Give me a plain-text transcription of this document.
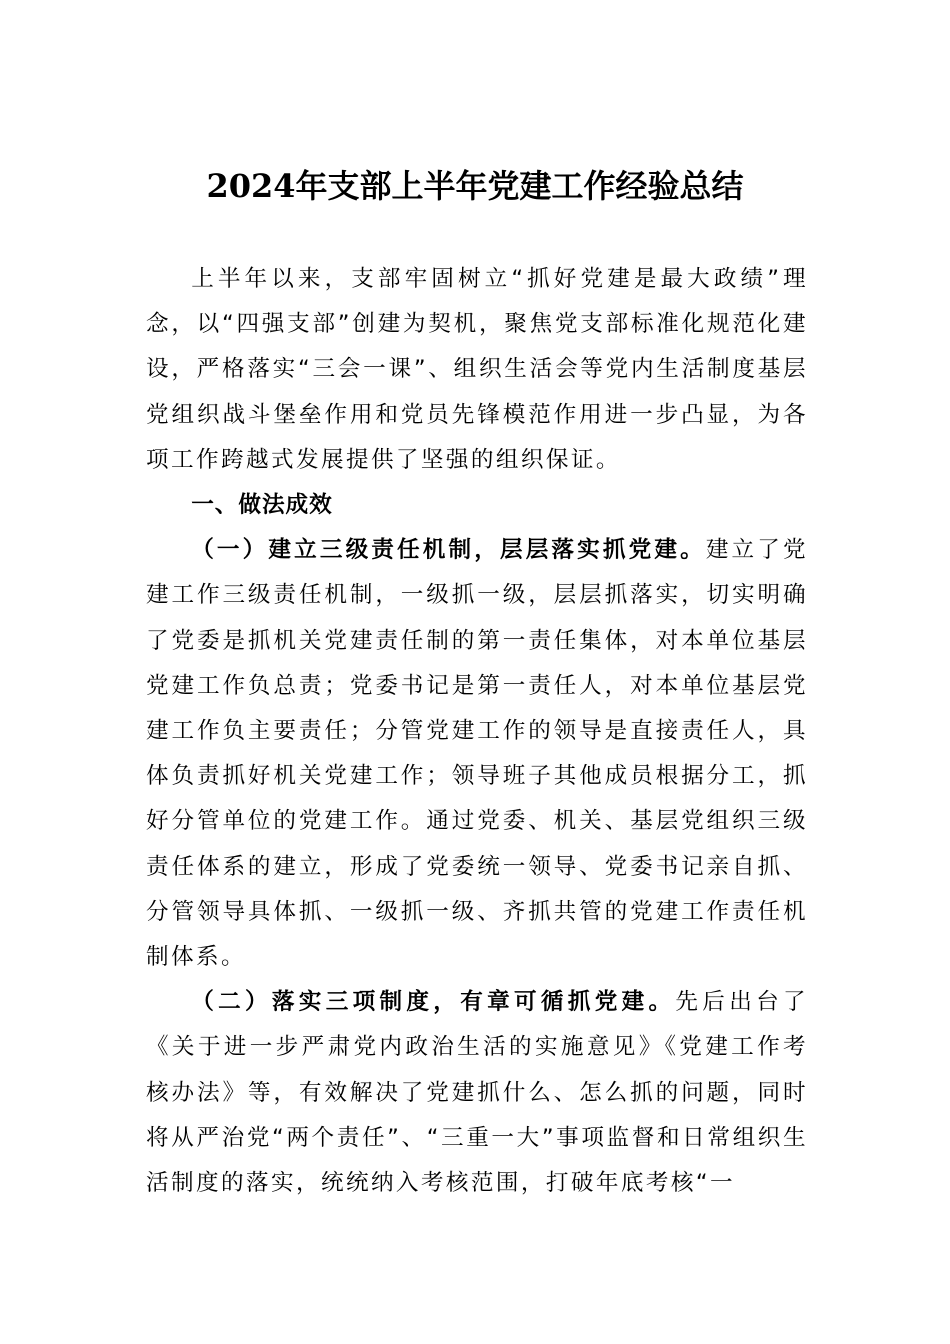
2024年支部上半年党建工作经验总结

上半年以来，支部牢固树立“抓好党建是最大政绩”理念，以“四强支部”创建为契机，聚焦党支部标准化规范化建设，严格落实“三会一课”、组织生活会等党内生活制度基层党组织战斗堡垒作用和党员先锋模范作用进一步凸显，为各项工作跨越式发展提供了坚强的组织保证。

一、做法成效

（一）建立三级责任机制，层层落实抓党建。建立了党建工作三级责任机制，一级抓一级，层层抓落实，切实明确了党委是抓机关党建责任制的第一责任集体，对本单位基层党建工作负总责；党委书记是第一责任人，对本单位基层党建工作负主要责任；分管党建工作的领导是直接责任人，具体负责抓好机关党建工作；领导班子其他成员根据分工，抓好分管单位的党建工作。通过党委、机关、基层党组织三级责任体系的建立，形成了党委统一领导、党委书记亲自抓、分管领导具体抓、一级抓一级、齐抓共管的党建工作责任机制体系。

（二）落实三项制度，有章可循抓党建。先后出台了《关于进一步严肃党内政治生活的实施意见》《党建工作考核办法》等，有效解决了党建抓什么、怎么抓的问题，同时将从严治党“两个责任”、“三重一大”事项监督和日常组织生活制度的落实，统统纳入考核范围，打破年底考核“一
